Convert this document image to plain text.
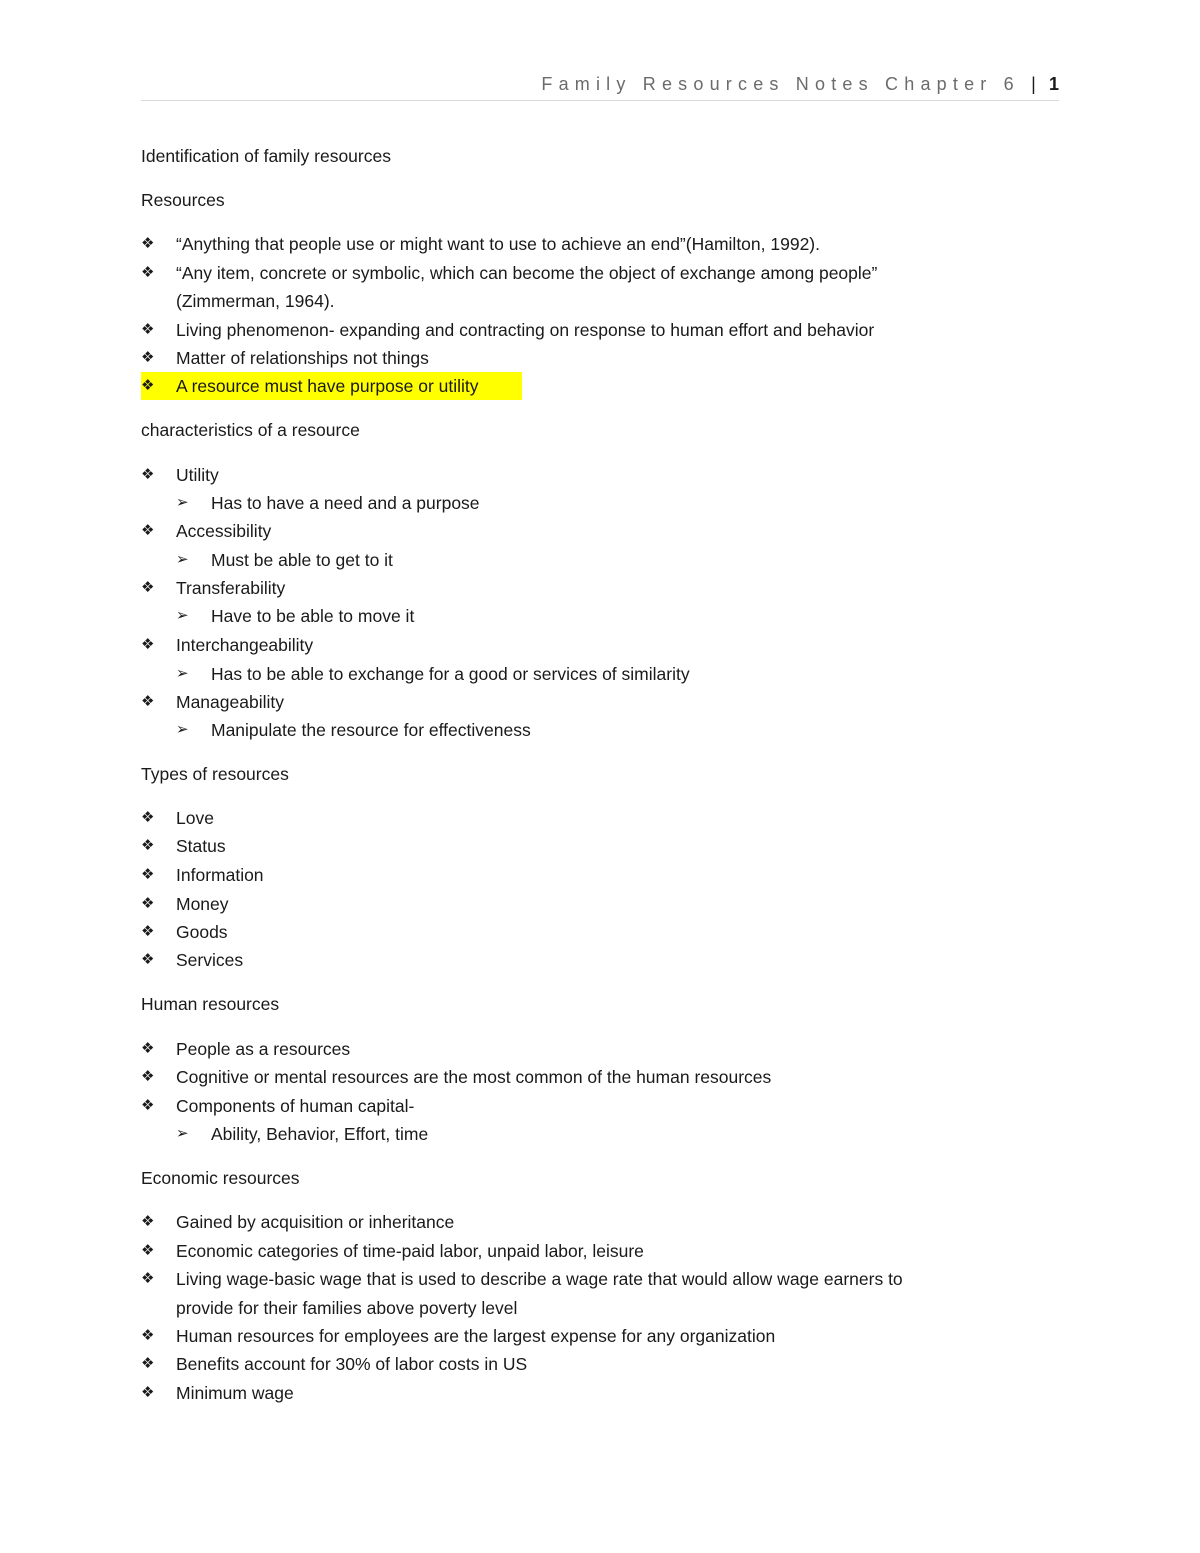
Family Resources Notes Chapter 6 | 1
Identification of family resources
Resources
❖	“Anything that people use or might want to use to achieve an end”(Hamilton, 1992).
❖	“Any item, concrete or symbolic, which can become the object of exchange among people”
(Zimmerman, 1964).
❖	Living phenomenon- expanding and contracting on response to human effort and behavior
❖	Matter of relationships not things
❖	A resource must have purpose or utility
characteristics of a resource
❖	Utility
➢ Has to have a need and a purpose
❖	Accessibility
➢ Must be able to get to it
❖	Transferability
➢ Have to be able to move it
❖	Interchangeability
➢ Has to be able to exchange for a good or services of similarity
❖	Manageability
➢ Manipulate the resource for effectiveness
Types of resources
❖	Love
❖	Status
❖	Information
❖	Money
❖	Goods
❖	Services
Human resources
❖	People as a resources
❖	Cognitive or mental resources are the most common of the human resources
❖	Components of human capital-
➢ Ability, Behavior, Effort, time
Economic resources
❖	Gained by acquisition or inheritance
❖	Economic categories of time-paid labor, unpaid labor, leisure
❖	Living wage-basic wage that is used to describe a wage rate that would allow wage earners to
provide for their families above poverty level
❖	Human resources for employees are the largest expense for any organization
❖	Benefits account for 30% of labor costs in US
❖	Minimum wage
